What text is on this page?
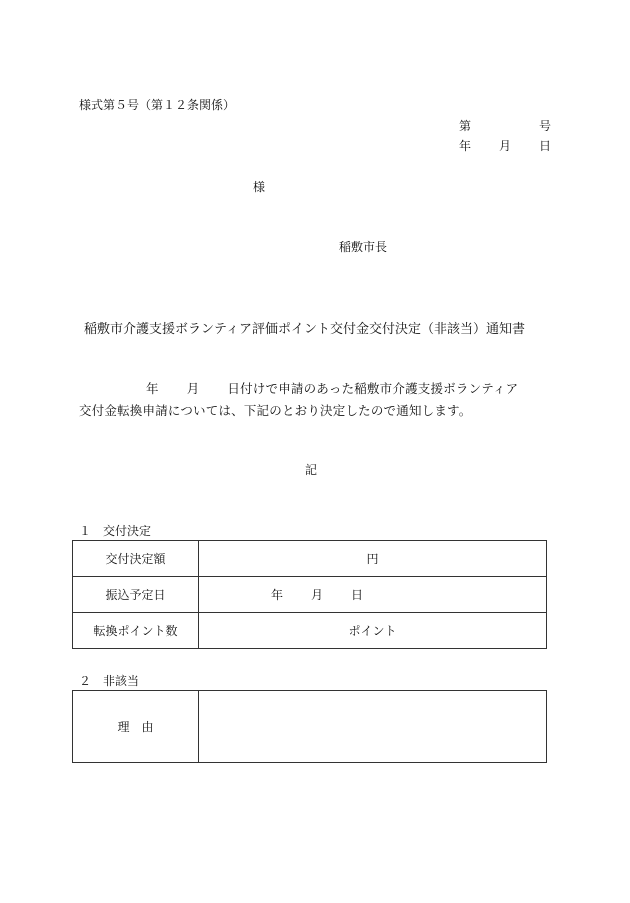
様式第５号（第１２条関係）
第	号
年 月 日
様
稲敷市長
稲敷市介護支援ボランティア評価ポイント交付金交付決定（非該当）通知書
年 月 日付けで申請のあった稲敷市介護支援ボランティア
交付金転換申請については、下記のとおり決定したので通知します。
記
１　交付決定
交付決定額	円
振込予定日	年 月 日
転換ポイント数	ポイント
２　非該当
理　由	
